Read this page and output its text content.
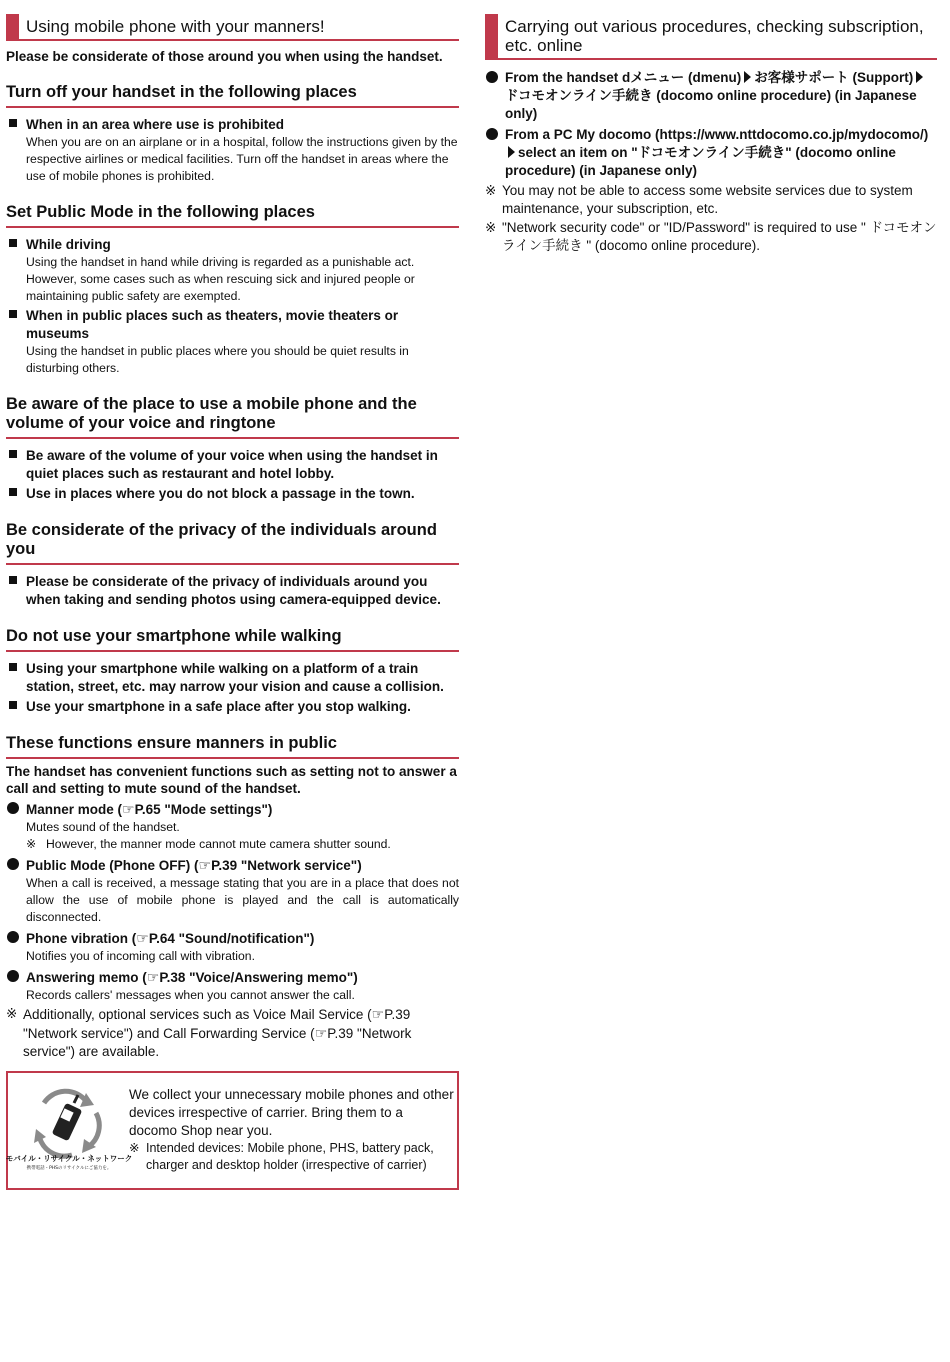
Using mobile phone with your manners!

Please be considerate of those around you when using the handset.

Turn off your handset in the following places
When in an area where use is prohibited
When you are on an airplane or in a hospital, follow the instructions given by the respective airlines or medical facilities. Turn off the handset in areas where the use of mobile phones is prohibited.
Set Public Mode in the following places
While driving
Using the handset in hand while driving is regarded as a punishable act. However, some cases such as when rescuing sick and injured people or maintaining public safety are exempted.
When in public places such as theaters, movie theaters or museums
Using the handset in public places where you should be quiet results in disturbing others.
Be aware of the place to use a mobile phone and the volume of your voice and ringtone
Be aware of the volume of your voice when using the handset in quiet places such as restaurant and hotel lobby.
Use in places where you do not block a passage in the town.
Be considerate of the privacy of the individuals around you
Please be considerate of the privacy of individuals around you when taking and sending photos using camera-equipped device.
Do not use your smartphone while walking
Using your smartphone while walking on a platform of a train station, street, etc. may narrow your vision and cause a collision.
Use your smartphone in a safe place after you stop walking.
These functions ensure manners in public

The handset has convenient functions such as setting not to answer a call and setting to mute sound of the handset.

Manner mode (☞P.65 "Mode settings")
Mutes sound of the handset.
※ However, the manner mode cannot mute camera shutter sound.
Public Mode (Phone OFF) (☞P.39 "Network service")
When a call is received, a message stating that you are in a place that does not allow the use of mobile phone is played and the call is automatically disconnected.
Phone vibration (☞P.64 "Sound/notification")
Notifies you of incoming call with vibration.
Answering memo (☞P.38 "Voice/Answering memo")
Records callers' messages when you cannot answer the call.
※ Additionally, optional services such as Voice Mail Service (☞P.39 "Network service") and Call Forwarding Service (☞P.39 "Network service") are available.
モバイル・リサイクル・ネットワーク
携帯電話・PHSのリサイクルにご協力を。
We collect your unnecessary mobile phones and other devices irrespective of carrier. Bring them to a docomo Shop near you.
※ Intended devices: Mobile phone, PHS, battery pack, charger and desktop holder (irrespective of carrier)
Carrying out various procedures, checking subscription, etc. online
From the handset dメニュー (dmenu) お客様サポート (Support)ドコモオンライン手続き (docomo online procedure) (in Japanese only)
From a PC My docomo (https://www.nttdocomo.co.jp/mydocomo/)select an item on "ドコモオンライン手続き" (docomo online procedure) (in Japanese only)
※ You may not be able to access some website services due to system maintenance, your subscription, etc.
※ "Network security code" or "ID/Password" is required to use " ドコモオンライン手続き " (docomo online procedure).
